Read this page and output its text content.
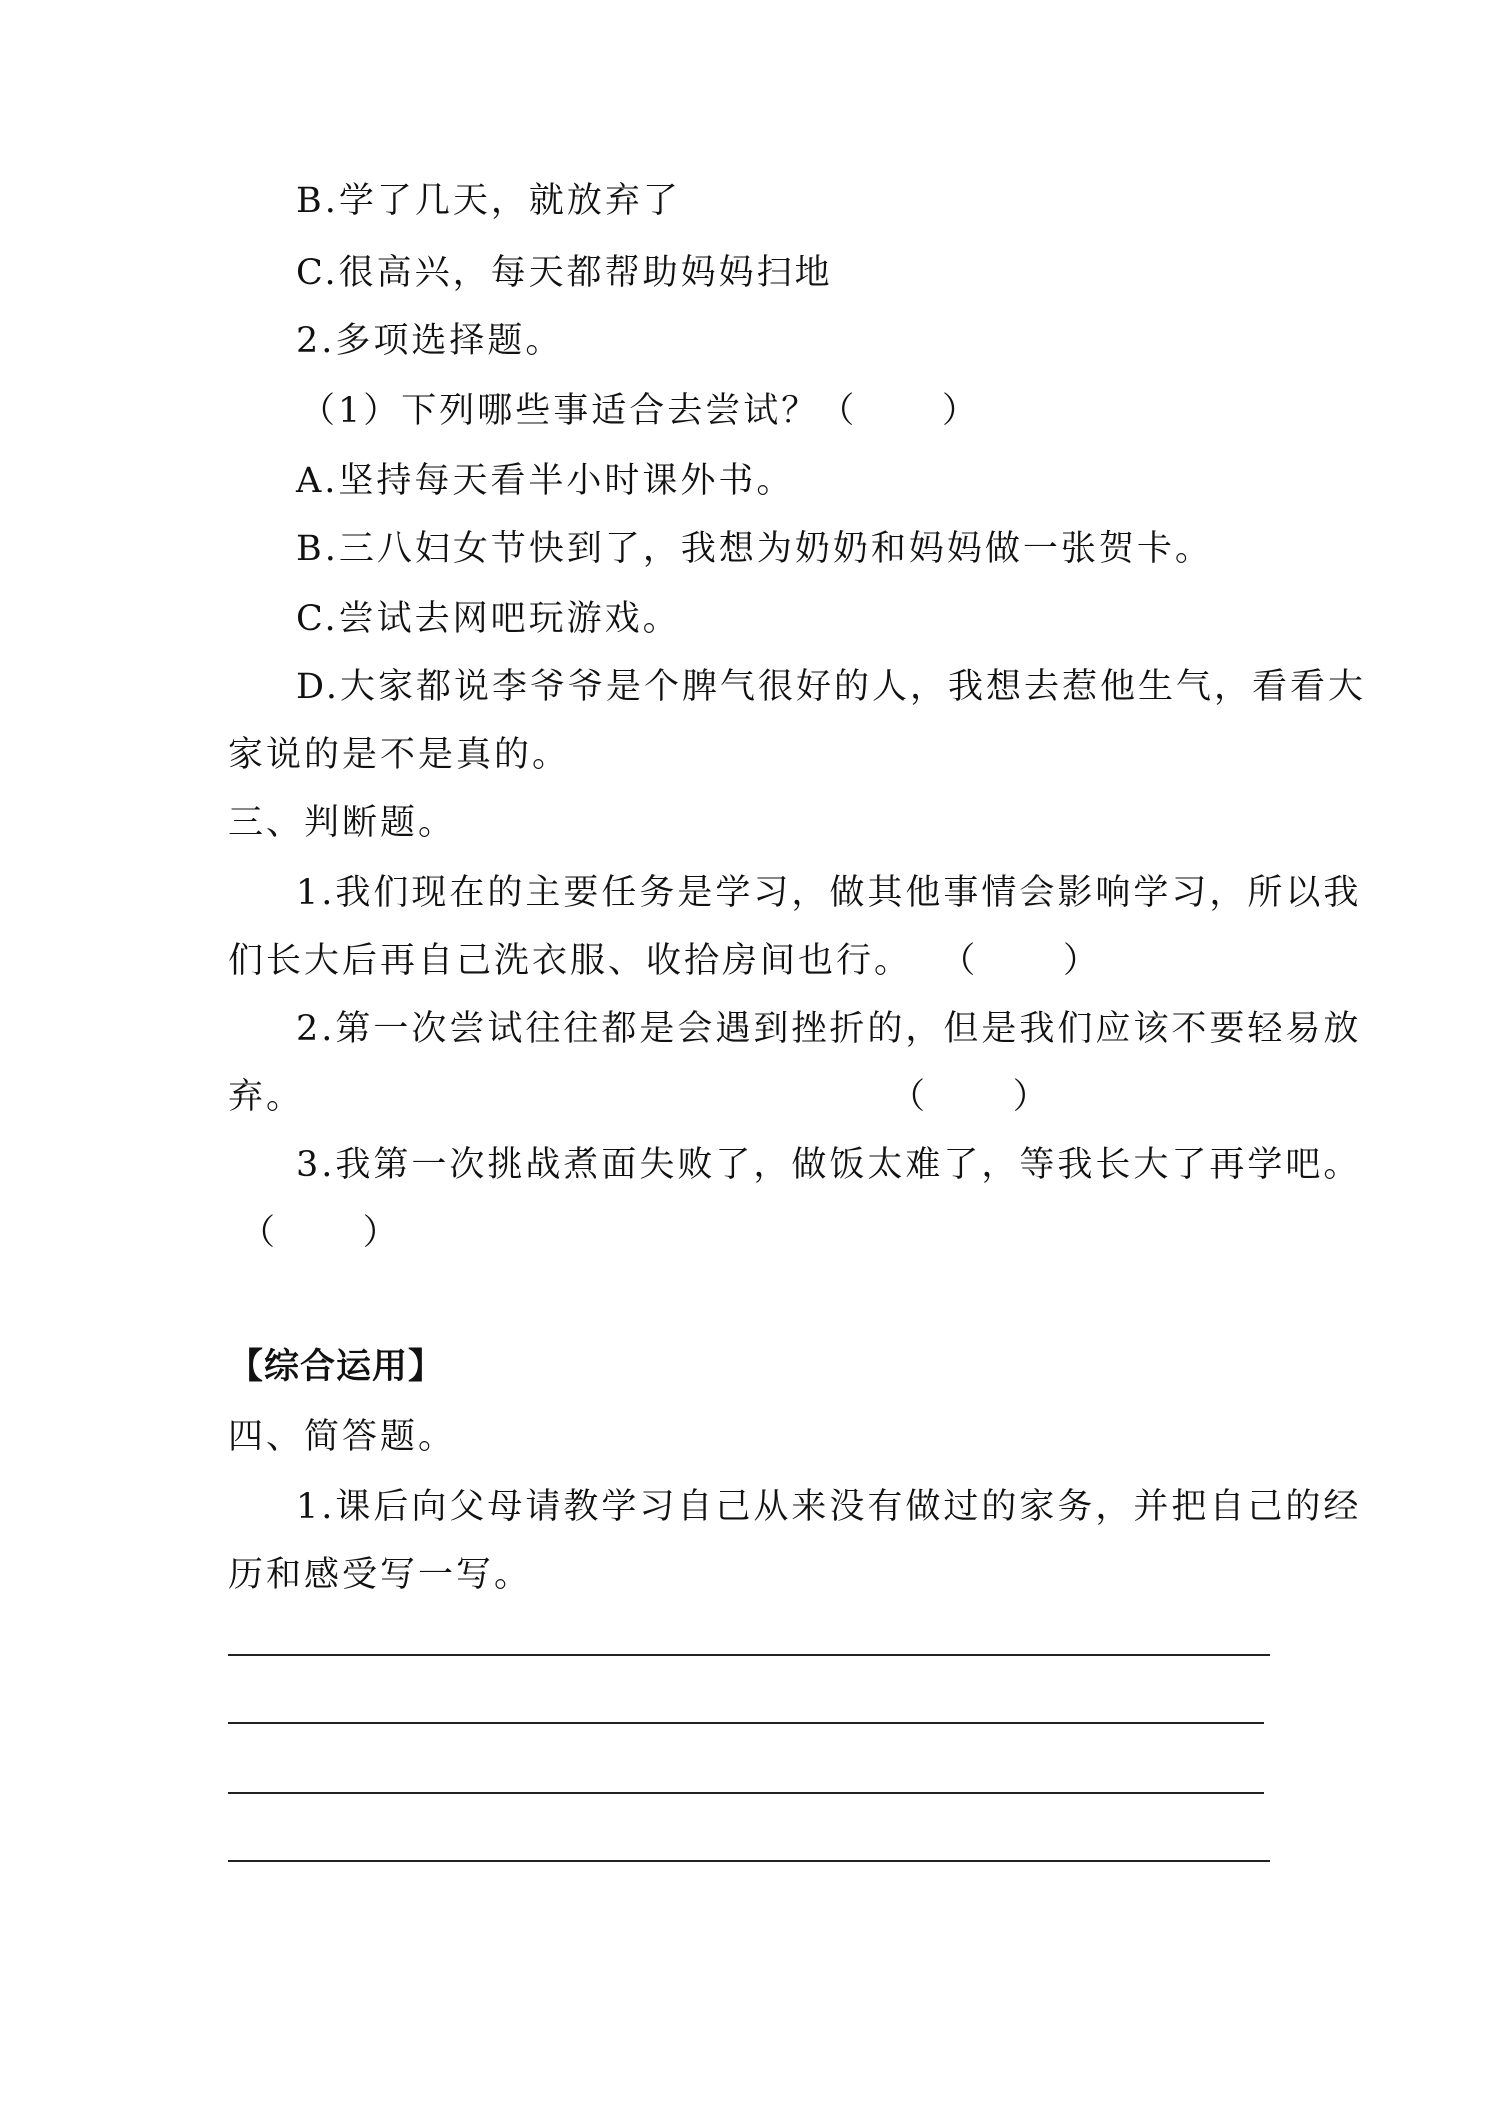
B.学了几天，就放弃了
C.很高兴，每天都帮助妈妈扫地
2.多项选择题。
（1）下列哪些事适合去尝试？（      ）
A.坚持每天看半小时课外书。
B.三八妇女节快到了，我想为奶奶和妈妈做一张贺卡。
C.尝试去网吧玩游戏。
D.大家都说李爷爷是个脾气很好的人，我想去惹他生气，看看大
家说的是不是真的。
三、判断题。
1.我们现在的主要任务是学习，做其他事情会影响学习，所以我
们长大后再自己洗衣服、收拾房间也行。  （      ）
2.第一次尝试往往都是会遇到挫折的，但是我们应该不要轻易放
弃。	（      ）
3.我第一次挑战煮面失败了，做饭太难了，等我长大了再学吧。
（      ）
【综合运用】
四、简答题。
1.课后向父母请教学习自己从来没有做过的家务，并把自己的经
历和感受写一写。
